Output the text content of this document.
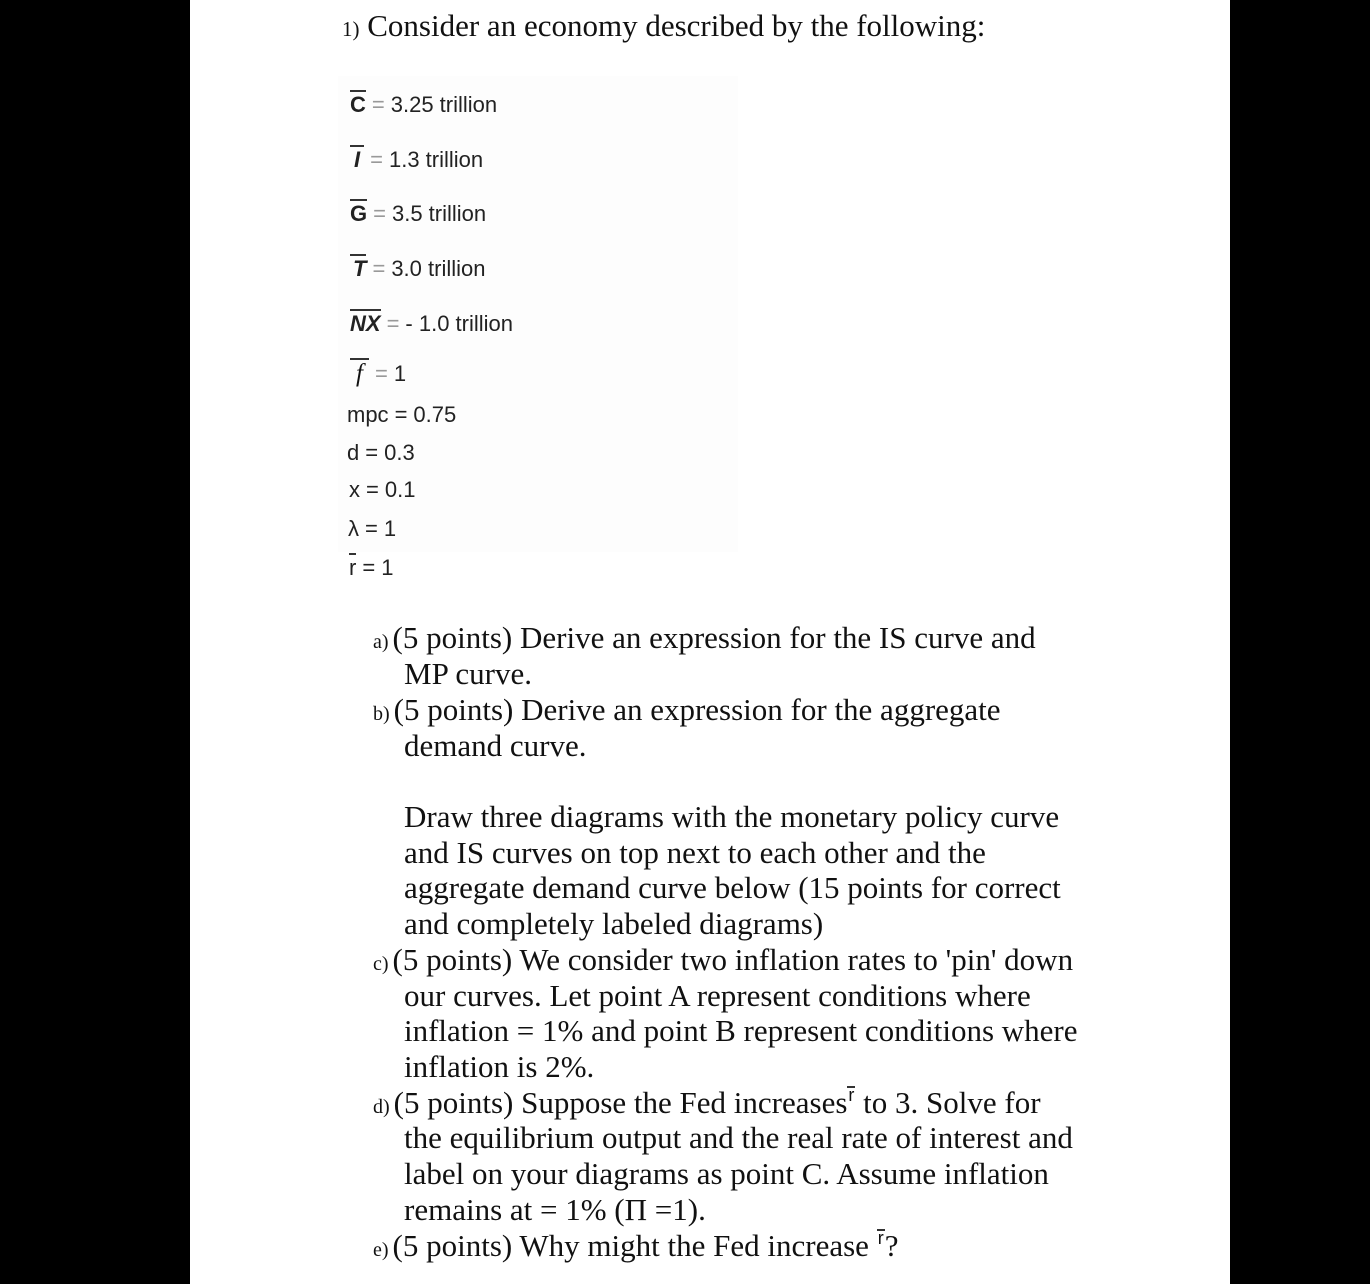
1) Consider an economy described by the following:
C = 3.25 trillion
I = 1.3 trillion
G = 3.5 trillion
T = 3.0 trillion
NX = - 1.0 trillion
f = 1
mpc = 0.75
d = 0.3
x = 0.1
λ = 1
r = 1
a) (5 points) Derive an expression for the IS curve and
MP curve.
b) (5 points) Derive an expression for the aggregate
demand curve.
Draw three diagrams with the monetary policy curve
and IS curves on top next to each other and the
aggregate demand curve below (15 points for correct
and completely labeled diagrams)
c) (5 points) We consider two inflation rates to 'pin' down
our curves. Let point A represent conditions where
inflation = 1% and point B represent conditions where
inflation is 2%.
d) (5 points) Suppose the Fed increasesr to 3. Solve for
the equilibrium output and the real rate of interest and
label on your diagrams as point C. Assume inflation
remains at = 1% (Π =1).
e) (5 points) Why might the Fed increase r?
